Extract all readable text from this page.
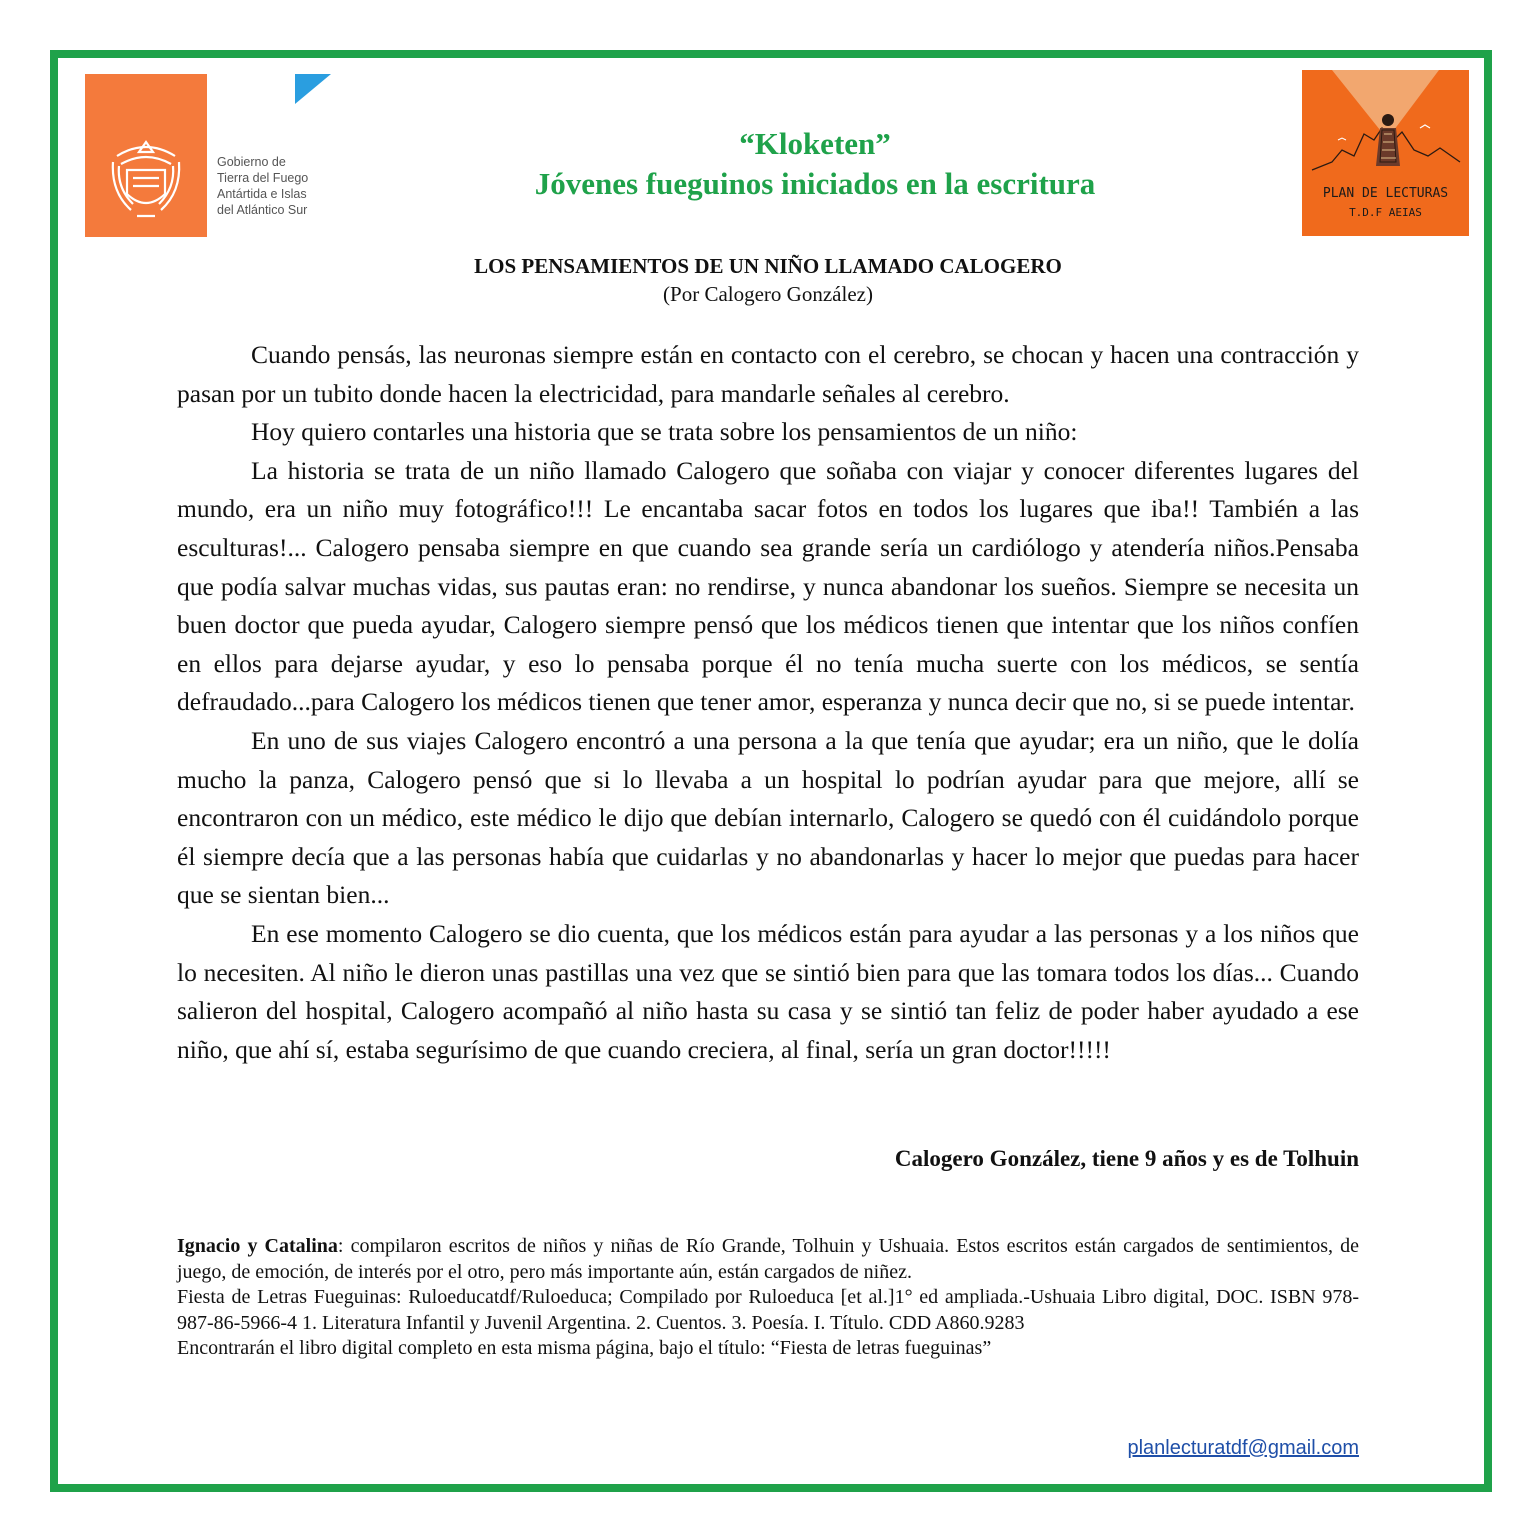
Gobierno de
Tierra del Fuego
Antártida e Islas
del Atlántico Sur
“Kloketen”
Jóvenes fueguinos iniciados en la escritura	PLAN DE LECTURAS
T.D.F AEIAS
LOS PENSAMIENTOS DE UN NIÑO LLAMADO CALOGERO
(Por Calogero González)

Cuando pensás, las neuronas siempre están en contacto con el cerebro, se chocan y hacen una contracción y pasan por un tubito donde hacen la electricidad, para mandarle señales al cerebro.

Hoy quiero contarles una historia que se trata sobre los pensamientos de un niño:

La historia se trata de un niño llamado Calogero que soñaba con viajar y conocer diferentes lugares del mundo, era un niño muy fotográfico!!! Le encantaba sacar fotos en todos los lugares que iba!! También a las esculturas!... Calogero pensaba siempre en que cuando sea grande sería un cardiólogo y atendería niños.Pensaba que podía salvar muchas vidas, sus pautas eran: no rendirse, y nunca abandonar los sueños. Siempre se necesita un buen doctor que pueda ayudar, Calogero siempre pensó que los médicos tienen que intentar que los niños confíen en ellos para dejarse ayudar, y eso lo pensaba porque él no tenía mucha suerte con los médicos, se sentía defraudado...para Calogero los médicos tienen que tener amor, esperanza y nunca decir que no, si se puede intentar.

En uno de sus viajes Calogero encontró a una persona a la que tenía que ayudar; era un niño, que le dolía mucho la panza, Calogero pensó que si lo llevaba a un hospital lo podrían ayudar para que mejore, allí se encontraron con un médico, este médico le dijo que debían internarlo, Calogero se quedó con él cuidándolo porque él siempre decía que a las personas había que cuidarlas y no abandonarlas y hacer lo mejor que puedas para hacer que se sientan bien...

En ese momento Calogero se dio cuenta, que los médicos están para ayudar a las personas y a los niños que lo necesiten. Al niño le dieron unas pastillas una vez que se sintió bien para que las tomara todos los días... Cuando salieron del hospital, Calogero acompañó al niño hasta su casa y se sintió tan feliz de poder haber ayudado a ese niño, que ahí sí, estaba segurísimo de que cuando creciera, al final, sería un gran doctor!!!!!

Calogero González, tiene 9 años y es de Tolhuin

Ignacio y Catalina: compilaron escritos de niños y niñas de Río Grande, Tolhuin y Ushuaia. Estos escritos están cargados de sentimientos, de juego, de emoción, de interés por el otro, pero más importante aún, están cargados de niñez.

Fiesta de Letras Fueguinas: Ruloeducatdf/Ruloeduca; Compilado por Ruloeduca [et al.]1° ed ampliada.-Ushuaia Libro digital, DOC. ISBN 978-987-86-5966-4 1. Literatura Infantil y Juvenil Argentina. 2. Cuentos. 3. Poesía. I. Título. CDD A860.9283

Encontrarán el libro digital completo en esta misma página, bajo el título: “Fiesta de letras fueguinas”

planlecturatdf@gmail.com
